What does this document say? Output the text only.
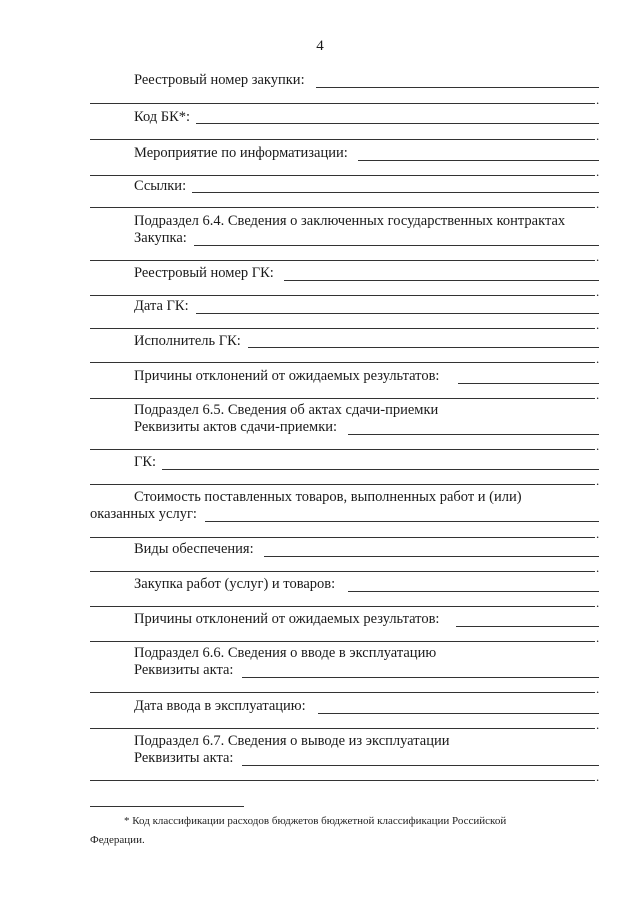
4
Реестровый номер закупки:
.
Код БК*:
.
Мероприятие по информатизации:
.
Ссылки:
.
Подраздел 6.4. Сведения о заключенных государственных контрактах
Закупка:
.
Реестровый номер ГК:
.
Дата ГК:
.
Исполнитель ГК:
.
Причины отклонений от ожидаемых результатов:
.
Подраздел 6.5. Сведения об актах сдачи-приемки
Реквизиты актов сдачи-приемки:
.
ГК:
.
Стоимость поставленных товаров, выполненных работ и (или)
оказанных услуг:
.
Виды обеспечения:
.
Закупка работ (услуг) и товаров:
.
Причины отклонений от ожидаемых результатов:
.
Подраздел 6.6. Сведения о вводе в эксплуатацию
Реквизиты акта:
.
Дата ввода в эксплуатацию:
.
Подраздел 6.7. Сведения о выводе из эксплуатации
Реквизиты акта:
.
* Код классификации расходов бюджетов бюджетной классификации Российской
Федерации.
